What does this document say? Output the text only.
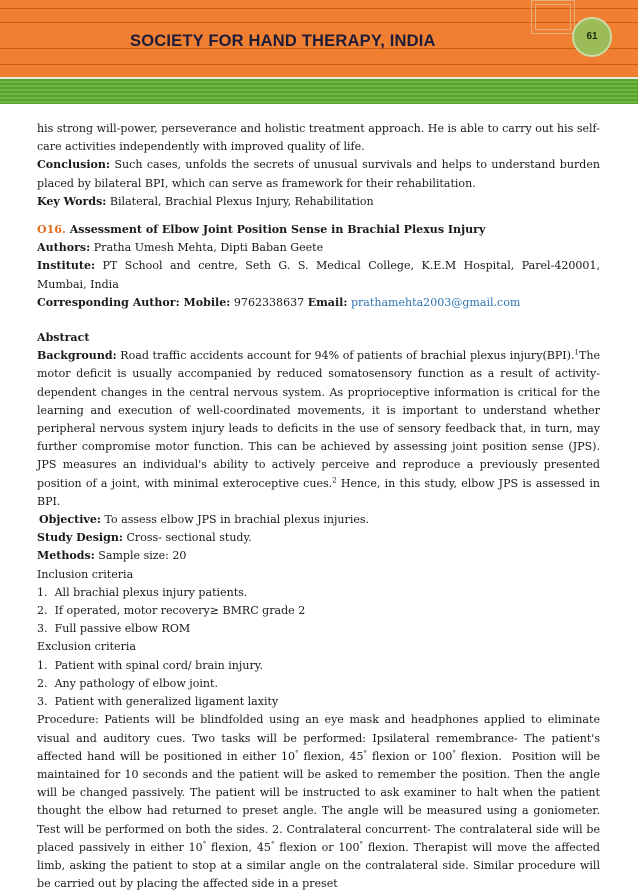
SOCIETY FOR HAND THERAPY, INDIA	61

his strong will-power, perseverance and holistic treatment approach. He is able to carry out his self-care activities independently with improved quality of life.

Conclusion: Such cases, unfolds the secrets of unusual survivals and helps to understand burden placed by bilateral BPI, which can serve as framework for their rehabilitation.

Key Words: Bilateral, Brachial Plexus Injury, Rehabilitation

O16. Assessment of Elbow Joint Position Sense in Brachial Plexus Injury

Authors: Pratha Umesh Mehta, Dipti Baban Geete

Institute: PT School and centre, Seth G. S. Medical College, K.E.M Hospital, Parel-420001, Mumbai, India

Corresponding Author: Mobile: 9762338637 Email: prathamehta2003@gmail.com

Abstract

Background: Road traffic accidents account for 94% of patients of brachial plexus injury(BPI).$^1$The motor deficit is usually accompanied by reduced somatosensory function as a result of activity-dependent changes in the central nervous system. As proprioceptive information is critical for the learning and execution of well-coordinated movements, it is important to understand whether peripheral nervous system injury leads to deficits in the use of sensory feedback that, in turn, may further compromise motor function. This can be achieved by assessing joint position sense (JPS). JPS measures an individual's ability to actively perceive and reproduce a previously presented position of a joint, with minimal exteroceptive cues.$^2$ Hence, in this study, elbow JPS is assessed in BPI.

Objective: To assess elbow JPS in brachial plexus injuries.

Study Design: Cross- sectional study.

Methods: Sample size: 20

Inclusion criteria

1.  All brachial plexus injury patients.

2.  If operated, motor recovery≥ BMRC grade 2

3.  Full passive elbow ROM

Exclusion criteria

1.  Patient with spinal cord/ brain injury.

2.  Any pathology of elbow joint.

3.  Patient with generalized ligament laxity

Procedure: Patients will be blindfolded using an eye mask and headphones applied to eliminate visual and auditory cues. Two tasks will be performed: Ipsilateral remembrance- The patient's affected hand will be positioned in either 10° flexion, 45° flexion or 100° flexion.  Position will be maintained for 10 seconds and the patient will be asked to remember the position. Then the angle will be changed passively. The patient will be instructed to ask examiner to halt when the patient thought the elbow had returned to preset angle. The angle will be measured using a goniometer. Test will be performed on both the sides. 2. Contralateral concurrent- The contralateral side will be placed passively in either 10° flexion, 45° flexion or 100° flexion. Therapist will move the affected limb, asking the patient to stop at a similar angle on the contralateral side. Similar procedure will be carried out by placing the affected side in a preset
